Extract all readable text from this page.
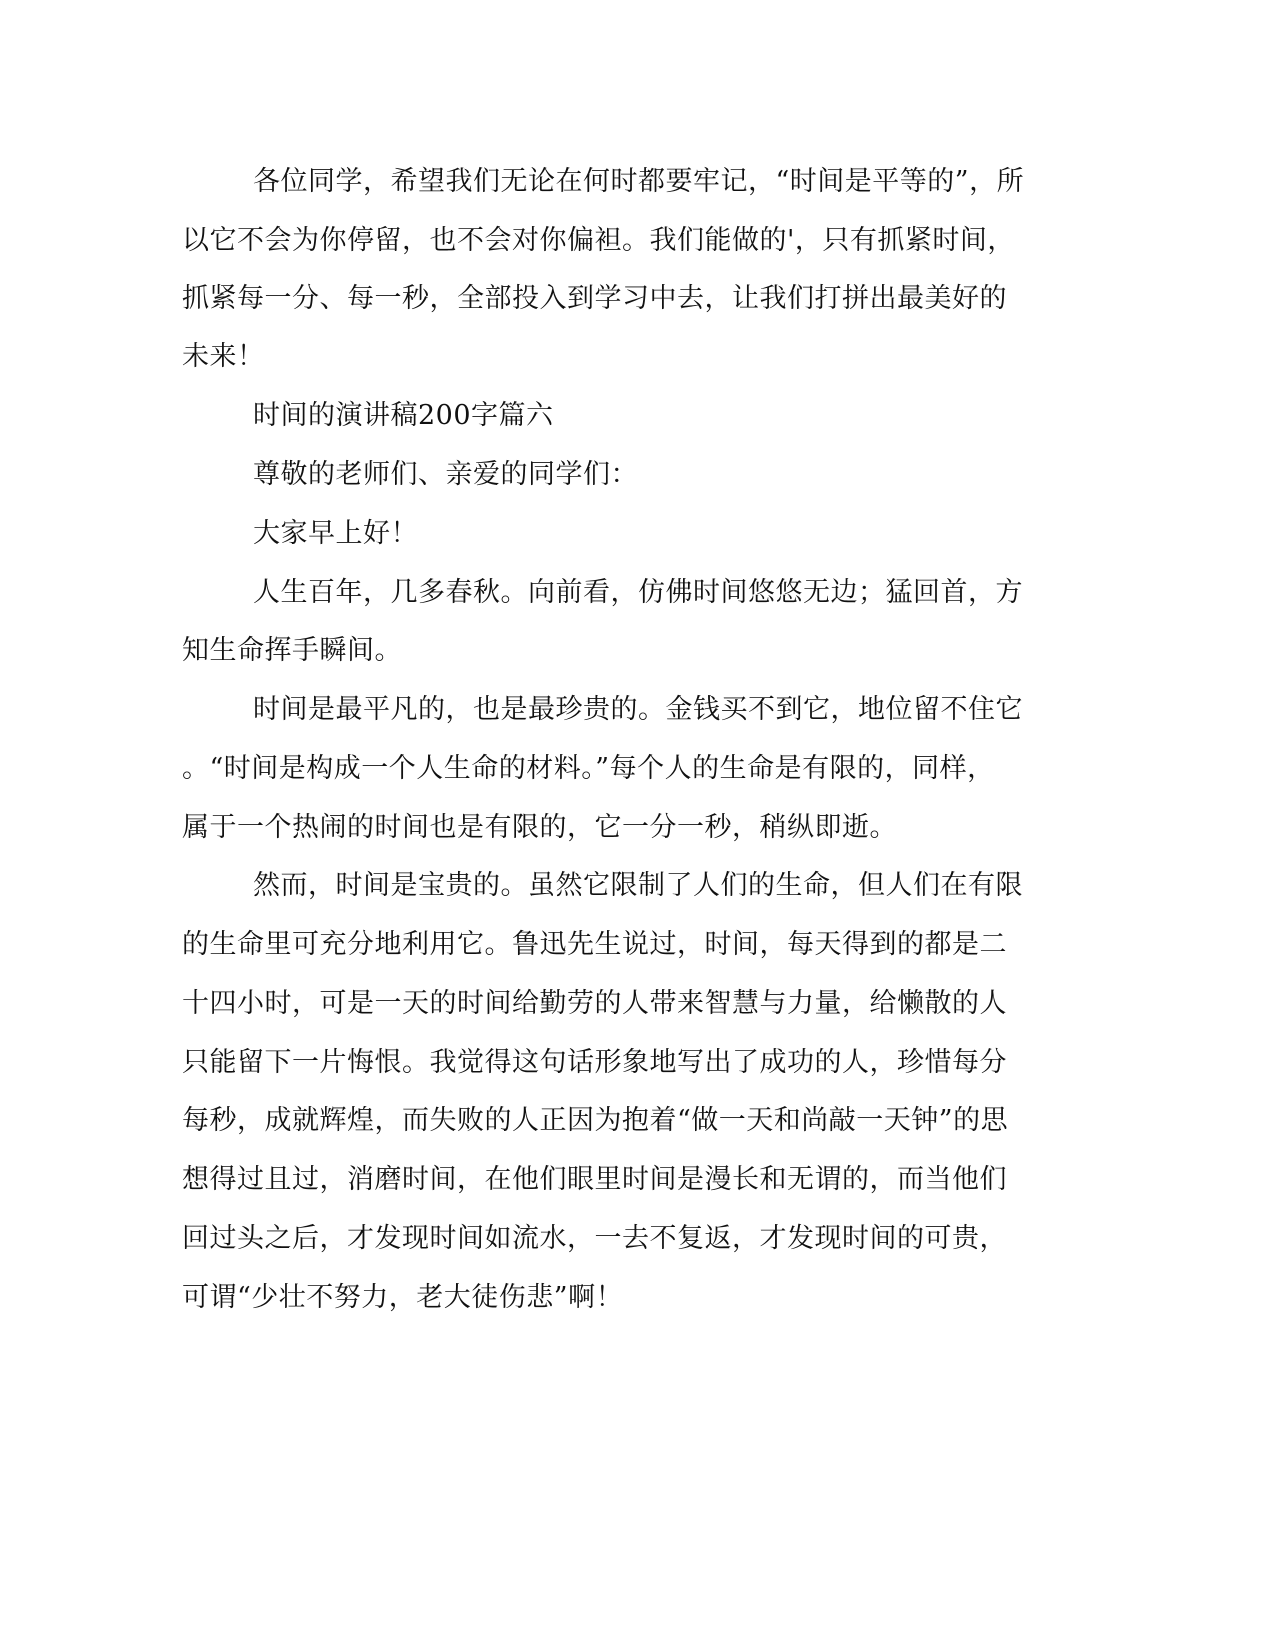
各位同学，希望我们无论在何时都要牢记，“时间是平等的”，所

以它不会为你停留，也不会对你偏袒。我们能做的'，只有抓紧时间，

抓紧每一分、每一秒，全部投入到学习中去，让我们打拼出最美好的

未来！

时间的演讲稿200字篇六

尊敬的老师们、亲爱的同学们：

大家早上好！

人生百年，几多春秋。向前看，仿佛时间悠悠无边；猛回首，方

知生命挥手瞬间。

时间是最平凡的，也是最珍贵的。金钱买不到它，地位留不住它

。“时间是构成一个人生命的材料。”每个人的生命是有限的，同样，

属于一个热闹的时间也是有限的，它一分一秒，稍纵即逝。

然而，时间是宝贵的。虽然它限制了人们的生命，但人们在有限

的生命里可充分地利用它。鲁迅先生说过，时间，每天得到的都是二

十四小时，可是一天的时间给勤劳的人带来智慧与力量，给懒散的人

只能留下一片悔恨。我觉得这句话形象地写出了成功的人，珍惜每分

每秒，成就辉煌，而失败的人正因为抱着“做一天和尚敲一天钟”的思

想得过且过，消磨时间，在他们眼里时间是漫长和无谓的，而当他们

回过头之后，才发现时间如流水，一去不复返，才发现时间的可贵，

可谓“少壮不努力，老大徒伤悲”啊！
